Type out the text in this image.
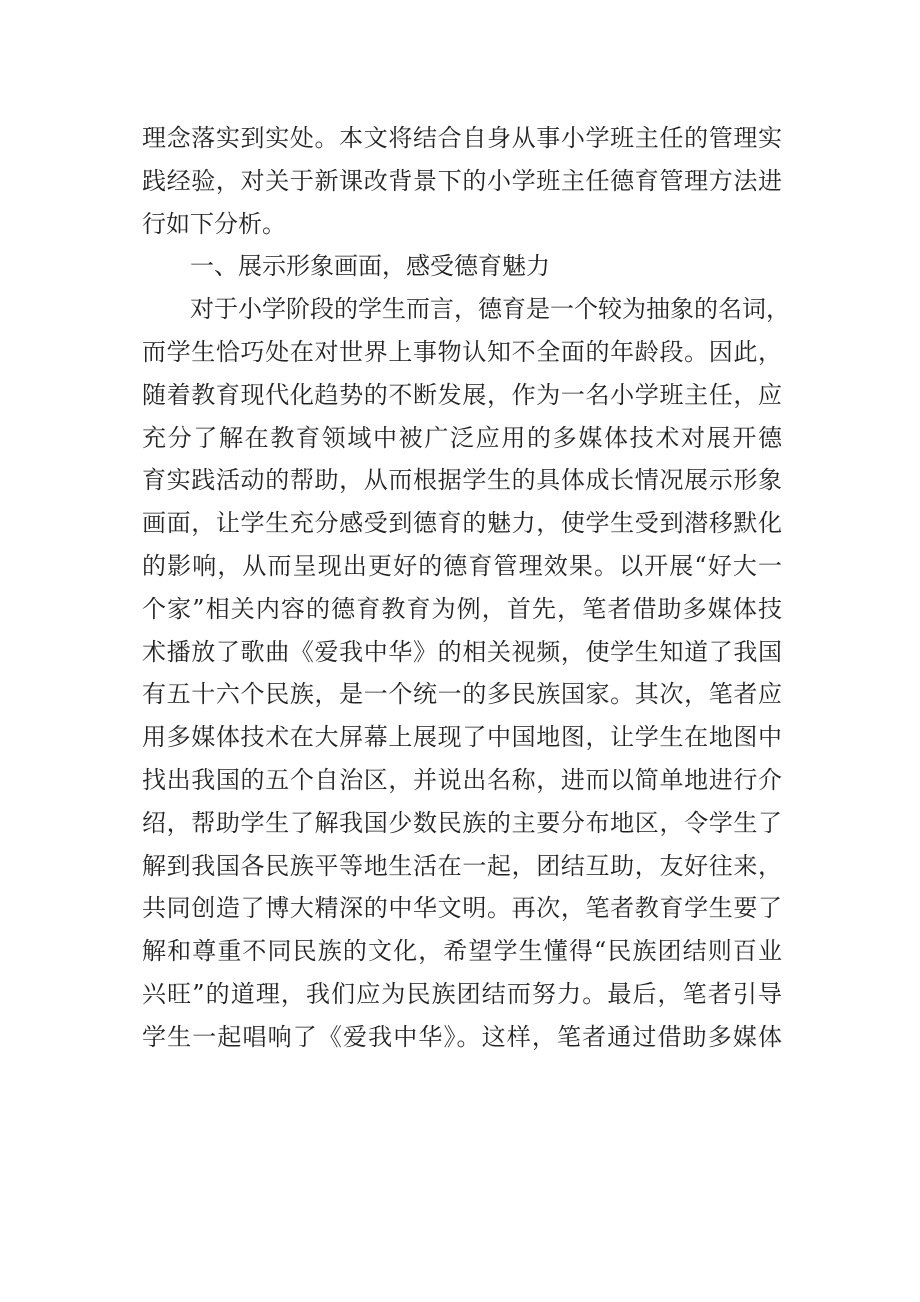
理念落实到实处。本文将结合自身从事小学班主任的管理实
践经验，对关于新课改背景下的小学班主任德育管理方法进
行如下分析。
一、展示形象画面，感受德育魅力
对于小学阶段的学生而言，德育是一个较为抽象的名词，
而学生恰巧处在对世界上事物认知不全面的年龄段。因此，
随着教育现代化趋势的不断发展，作为一名小学班主任，应
充分了解在教育领域中被广泛应用的多媒体技术对展开德
育实践活动的帮助，从而根据学生的具体成长情况展示形象
画面，让学生充分感受到德育的魅力，使学生受到潜移默化
的影响，从而呈现出更好的德育管理效果。以开展“好大一
个家”相关内容的德育教育为例，首先，笔者借助多媒体技
术播放了歌曲《爱我中华》的相关视频，使学生知道了我国
有五十六个民族，是一个统一的多民族国家。其次，笔者应
用多媒体技术在大屏幕上展现了中国地图，让学生在地图中
找出我国的五个自治区，并说出名称，进而以简单地进行介
绍，帮助学生了解我国少数民族的主要分布地区，令学生了
解到我国各民族平等地生活在一起，团结互助，友好往来，
共同创造了博大精深的中华文明。再次，笔者教育学生要了
解和尊重不同民族的文化，希望学生懂得“民族团结则百业
兴旺”的道理，我们应为民族团结而努力。最后，笔者引导
学生一起唱响了《爱我中华》。这样，笔者通过借助多媒体
